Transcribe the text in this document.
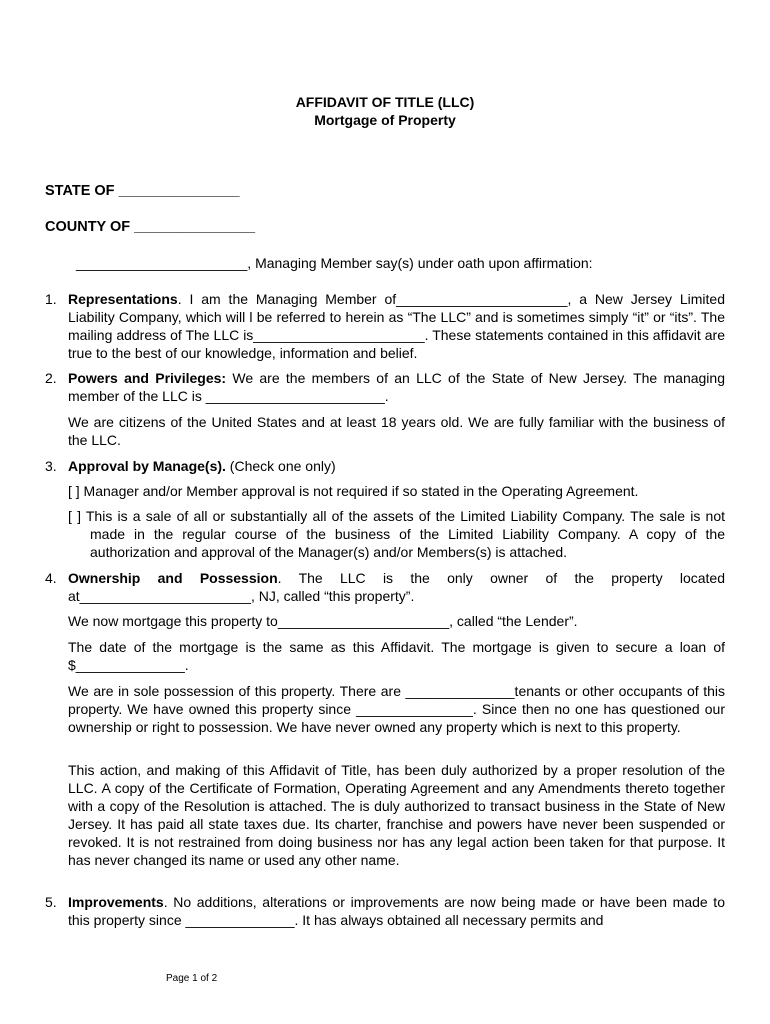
AFFIDAVIT OF TITLE (LLC)
Mortgage of Property
STATE OF _______________
COUNTY OF _______________
______________________, Managing Member say(s) under oath upon affirmation:
1. Representations. I am the Managing Member of______________________, a New Jersey Limited Liability Company, which will l be referred to herein as “The LLC” and is sometimes simply “it” or “its”. The mailing address of The LLC is______________________. These statements contained in this affidavit are true to the best of our knowledge, information and belief.
2. Powers and Privileges: We are the members of an LLC of the State of New Jersey. The managing member of the LLC is _______________________.
We are citizens of the United States and at least 18 years old. We are fully familiar with the business of the LLC.
3. Approval by Manage(s). (Check one only)
[ ] Manager and/or Member approval is not required if so stated in the Operating Agreement.
[ ] This is a sale of all or substantially all of the assets of the Limited Liability Company. The sale is not made in the regular course of the business of the Limited Liability Company. A copy of the authorization and approval of the Manager(s) and/or Members(s) is attached.
4. Ownership and Possession. The LLC is the only owner of the property located at______________________, NJ, called “this property”.
We now mortgage this property to______________________, called “the Lender”.
The date of the mortgage is the same as this Affidavit. The mortgage is given to secure a loan of $______________.
We are in sole possession of this property. There are ______________tenants or other occupants of this property. We have owned this property since _______________. Since then no one has questioned our ownership or right to possession. We have never owned any property which is next to this property.
This action, and making of this Affidavit of Title, has been duly authorized by a proper resolution of the LLC. A copy of the Certificate of Formation, Operating Agreement and any Amendments thereto together with a copy of the Resolution is attached. The is duly authorized to transact business in the State of New Jersey. It has paid all state taxes due. Its charter, franchise and powers have never been suspended or revoked. It is not restrained from doing business nor has any legal action been taken for that purpose. It has never changed its name or used any other name.
5. Improvements. No additions, alterations or improvements are now being made or have been made to this property since ______________. It has always obtained all necessary permits and
Page 1 of 2
